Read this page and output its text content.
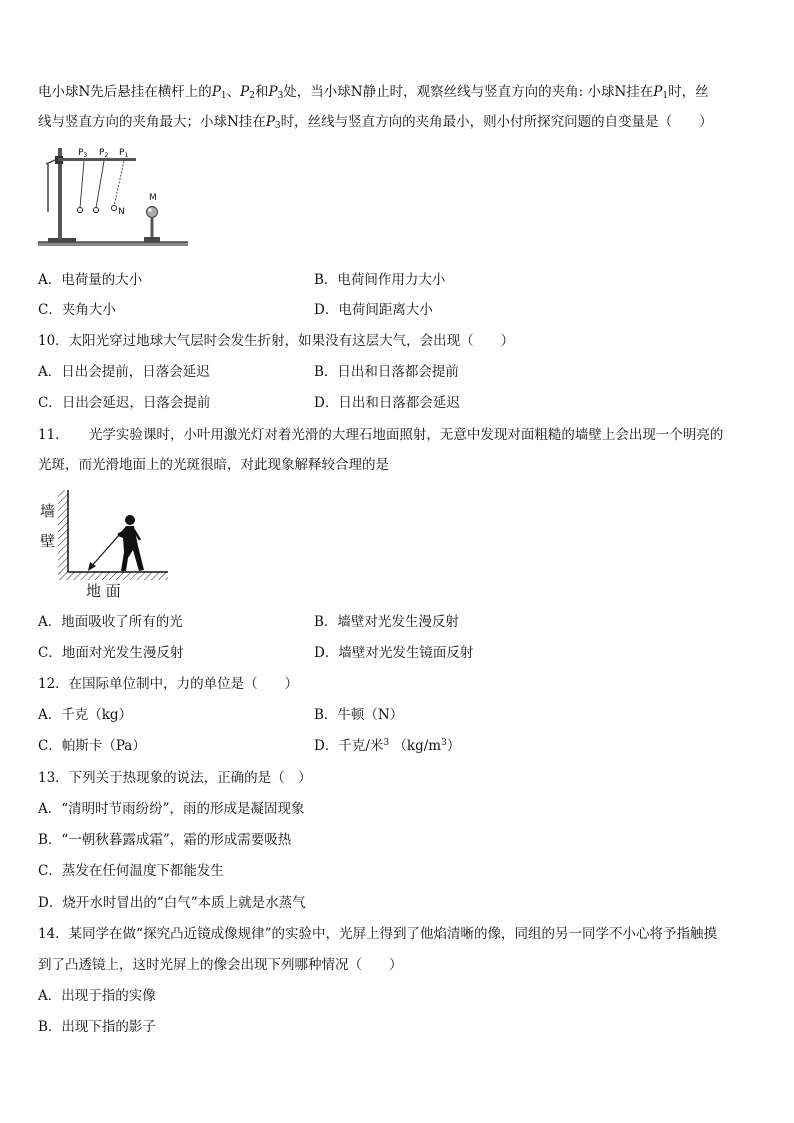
电小球N先后悬挂在横杆上的$P_1$、$P_2$和$P_3$处，当小球N静止时，观察丝线与竖直方向的夹角: 小球N挂在$P_1$时，丝
线与竖直方向的夹角最大；小球N挂在$P_3$时，丝线与竖直方向的夹角最小，则小付所探究问题的自变量是（　　）
$P_3$ $P_2$ $P_1$
N
M
A．电荷量的大小	B．电荷间作用力大小
C．夹角大小	D．电荷间距离大小
10．太阳光穿过地球大气层时会发生折射，如果没有这层大气，会出现（　　）
A．日出会提前，日落会延迟	B．日出和日落都会提前
C．日出会延迟，日落会提前	D．日出和日落都会延迟
11．　　光学实验课时，小叶用激光灯对着光滑的大理石地面照射，无意中发现对面粗糙的墙壁上会出现一个明亮的
光斑，而光滑地面上的光斑很暗，对此现象解释较合理的是
墙
壁
地 面
A．地面吸收了所有的光	B．墙壁对光发生漫反射
C．地面对光发生漫反射	D．墙壁对光发生镜面反射
12．在国际单位制中，力的单位是（　　）
A．千克（kg）	B．牛顿（N）
C．帕斯卡（Pa）	D．千克/米$^3$ $(kg/m^3)$
13．下列关于热现象的说法，正确的是（　）
A．“清明时节雨纷纷”，雨的形成是凝固现象
B．“一朝秋暮露成霜”，霜的形成需要吸热
C．蒸发在任何温度下都能发生
D．烧开水时冒出的“白气”本质上就是水蒸气
14．某同学在做“探究凸近镜成像规律”的实验中，光屏上得到了他焰清晰的像，同组的另一同学不小心将予指触摸
到了凸透镜上，这时光屏上的像会出现下列哪种情况（　　）
A．出现于指的实像
B．出现下指的影子
